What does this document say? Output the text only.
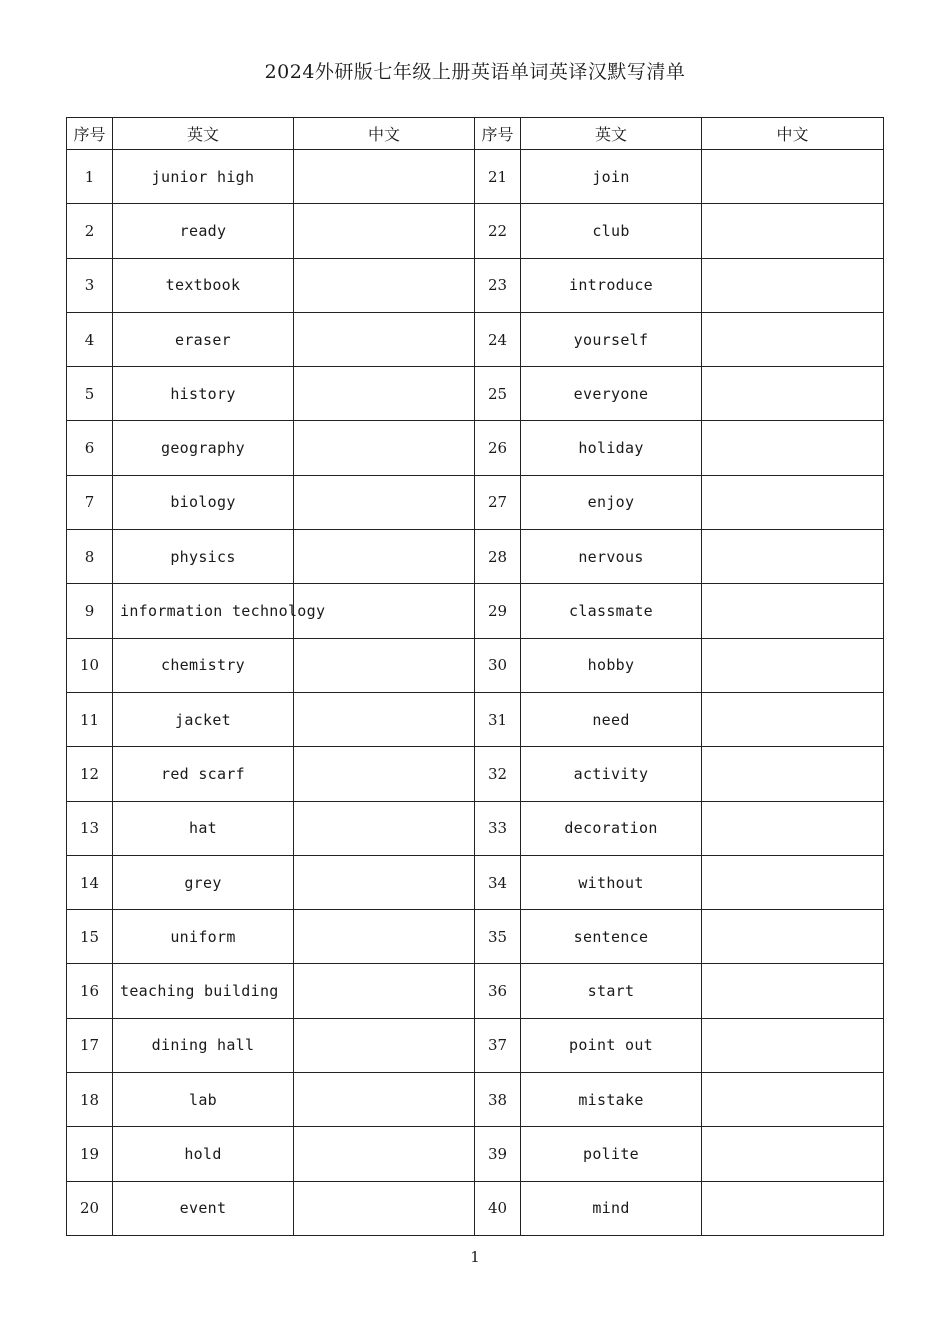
2024外研版七年级上册英语单词英译汉默写清单
序号	英文	中文	序号	英文	中文
1	junior high		21	join	
2	ready		22	club	
3	textbook		23	introduce	
4	eraser		24	yourself	
5	history		25	everyone	
6	geography		26	holiday	
7	biology		27	enjoy	
8	physics		28	nervous	
9	information technology		29	classmate	
10	chemistry		30	hobby	
11	jacket		31	need	
12	red scarf		32	activity	
13	hat		33	decoration	
14	grey		34	without	
15	uniform		35	sentence	
16	teaching building		36	start	
17	dining hall		37	point out	
18	lab		38	mistake	
19	hold		39	polite	
20	event		40	mind	
1
